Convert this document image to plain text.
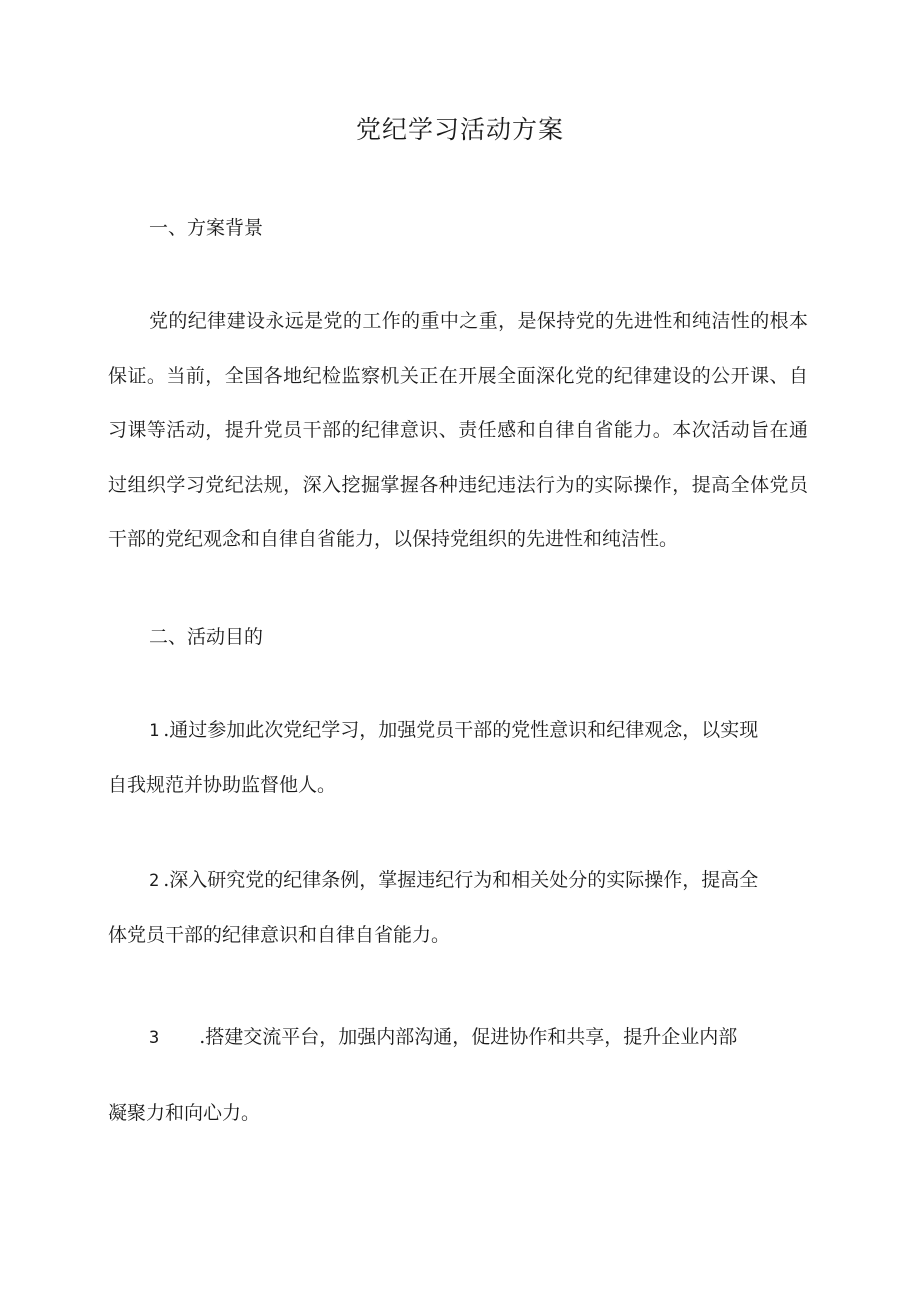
党纪学习活动方案
一、方案背景
党的纪律建设永远是党的工作的重中之重，是保持党的先进性和纯洁性的根本保证。当前，全国各地纪检监察机关正在开展全面深化党的纪律建设的公开课、自习课等活动，提升党员干部的纪律意识、责任感和自律自省能力。本次活动旨在通过组织学习党纪法规，深入挖掘掌握各种违纪违法行为的实际操作，提高全体党员干部的党纪观念和自律自省能力，以保持党组织的先进性和纯洁性。
二、活动目的
1 .通过参加此次党纪学习，加强党员干部的党性意识和纪律观念，以实现
自我规范并协助监督他人。
2 .深入研究党的纪律条例，掌握违纪行为和相关处分的实际操作，提高全
体党员干部的纪律意识和自律自省能力。
3 .搭建交流平台，加强内部沟通，促进协作和共享，提升企业内部
凝聚力和向心力。
